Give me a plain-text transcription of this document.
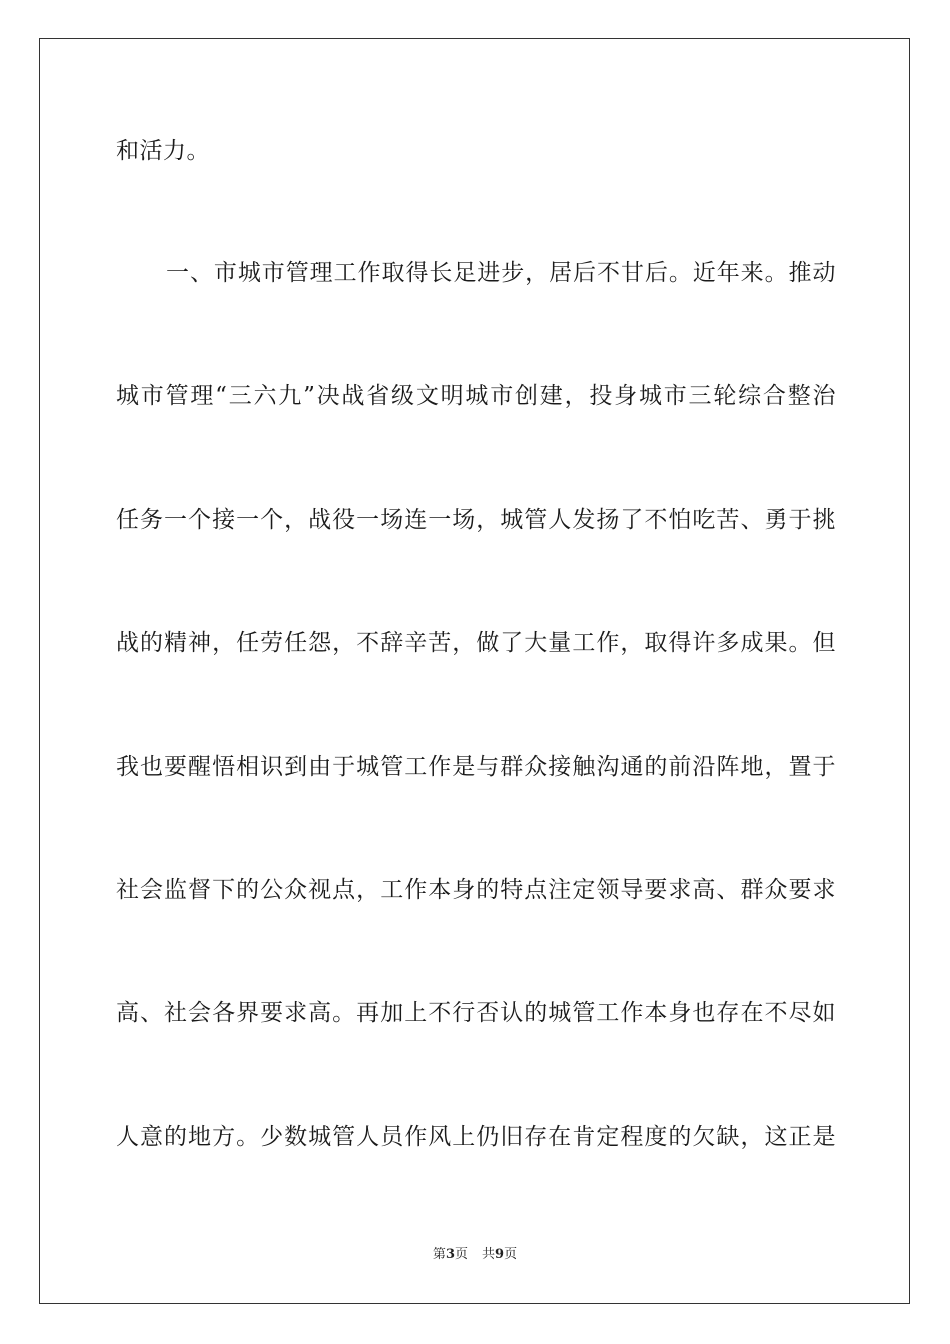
和活力。
一、市城市管理工作取得长足进步，居后不甘后。近年来。推动
城市管理“三六九”决战省级文明城市创建，投身城市三轮综合整治
任务一个接一个，战役一场连一场，城管人发扬了不怕吃苦、勇于挑
战的精神，任劳任怨，不辞辛苦，做了大量工作，取得许多成果。但
我也要醒悟相识到由于城管工作是与群众接触沟通的前沿阵地，置于
社会监督下的公众视点，工作本身的特点注定领导要求高、群众要求
高、社会各界要求高。再加上不行否认的城管工作本身也存在不尽如
人意的地方。少数城管人员作风上仍旧存在肯定程度的欠缺，这正是
第3页 共9页
